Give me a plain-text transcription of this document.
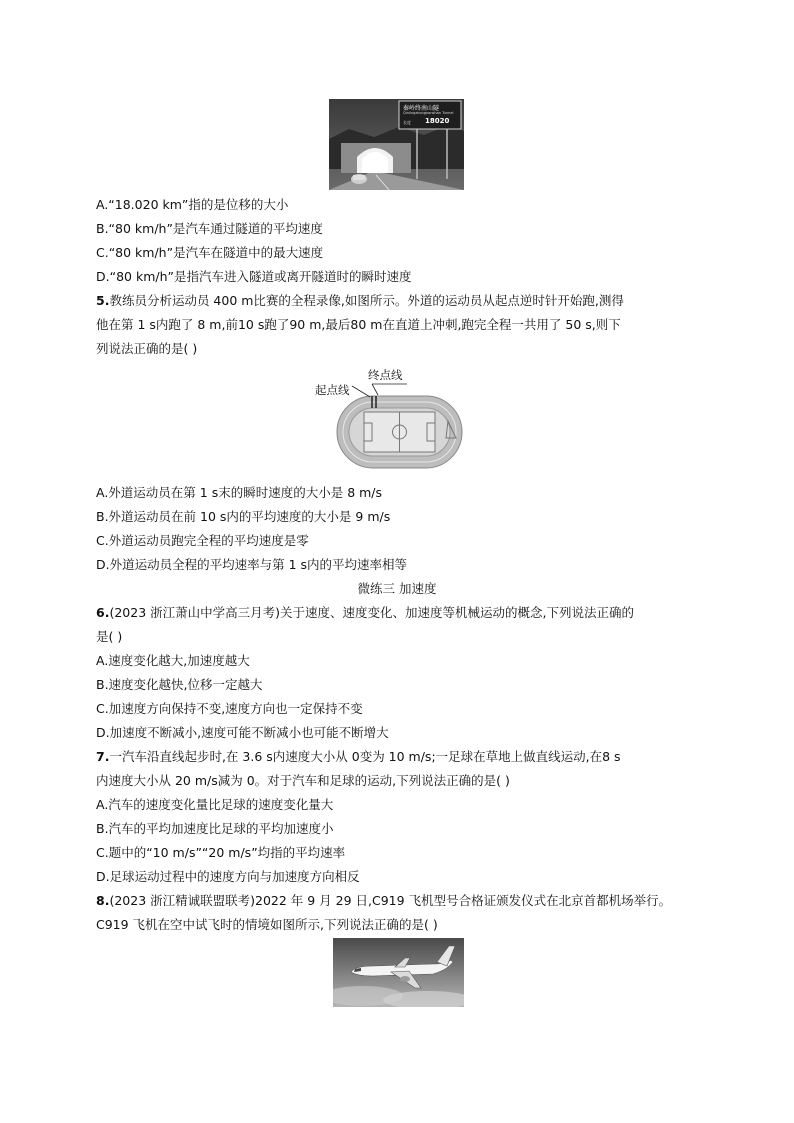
秦岭终南山隧
Qinlingzhongnanshan Tunnel
长度 18020
A.“18.020 km”指的是位移的大小
B.“80 km/h”是汽车通过隧道的平均速度
C.“80 km/h”是汽车在隧道中的最大速度
D.“80 km/h”是指汽车进入隧道或离开隧道时的瞬时速度
5.教练员分析运动员 400 m比赛的全程录像,如图所示。外道的运动员从起点逆时针开始跑,测得
他在第 1 s内跑了 8 m,前10 s跑了90 m,最后80 m在直道上冲刺,跑完全程一共用了 50 s,则下
列说法正确的是( )
起点线
终点线
A.外道运动员在第 1 s末的瞬时速度的大小是 8 m/s
B.外道运动员在前 10 s内的平均速度的大小是 9 m/s
C.外道运动员跑完全程的平均速度是零
D.外道运动员全程的平均速率与第 1 s内的平均速率相等
微练三 加速度
6.(2023 浙江萧山中学高三月考)关于速度、速度变化、加速度等机械运动的概念,下列说法正确的
是( )
A.速度变化越大,加速度越大
B.速度变化越快,位移一定越大
C.加速度方向保持不变,速度方向也一定保持不变
D.加速度不断减小,速度可能不断减小也可能不断增大
7.一汽车沿直线起步时,在 3.6 s内速度大小从 0变为 10 m/s;一足球在草地上做直线运动,在8 s
内速度大小从 20 m/s减为 0。对于汽车和足球的运动,下列说法正确的是( )
A.汽车的速度变化量比足球的速度变化量大
B.汽车的平均加速度比足球的平均加速度小
C.题中的“10 m/s”“20 m/s”均指的平均速率
D.足球运动过程中的速度方向与加速度方向相反
8.(2023 浙江精诚联盟联考)2022 年 9 月 29 日,C919 飞机型号合格证颁发仪式在北京首都机场举行。
C919 飞机在空中试飞时的情境如图所示,下列说法正确的是( )
